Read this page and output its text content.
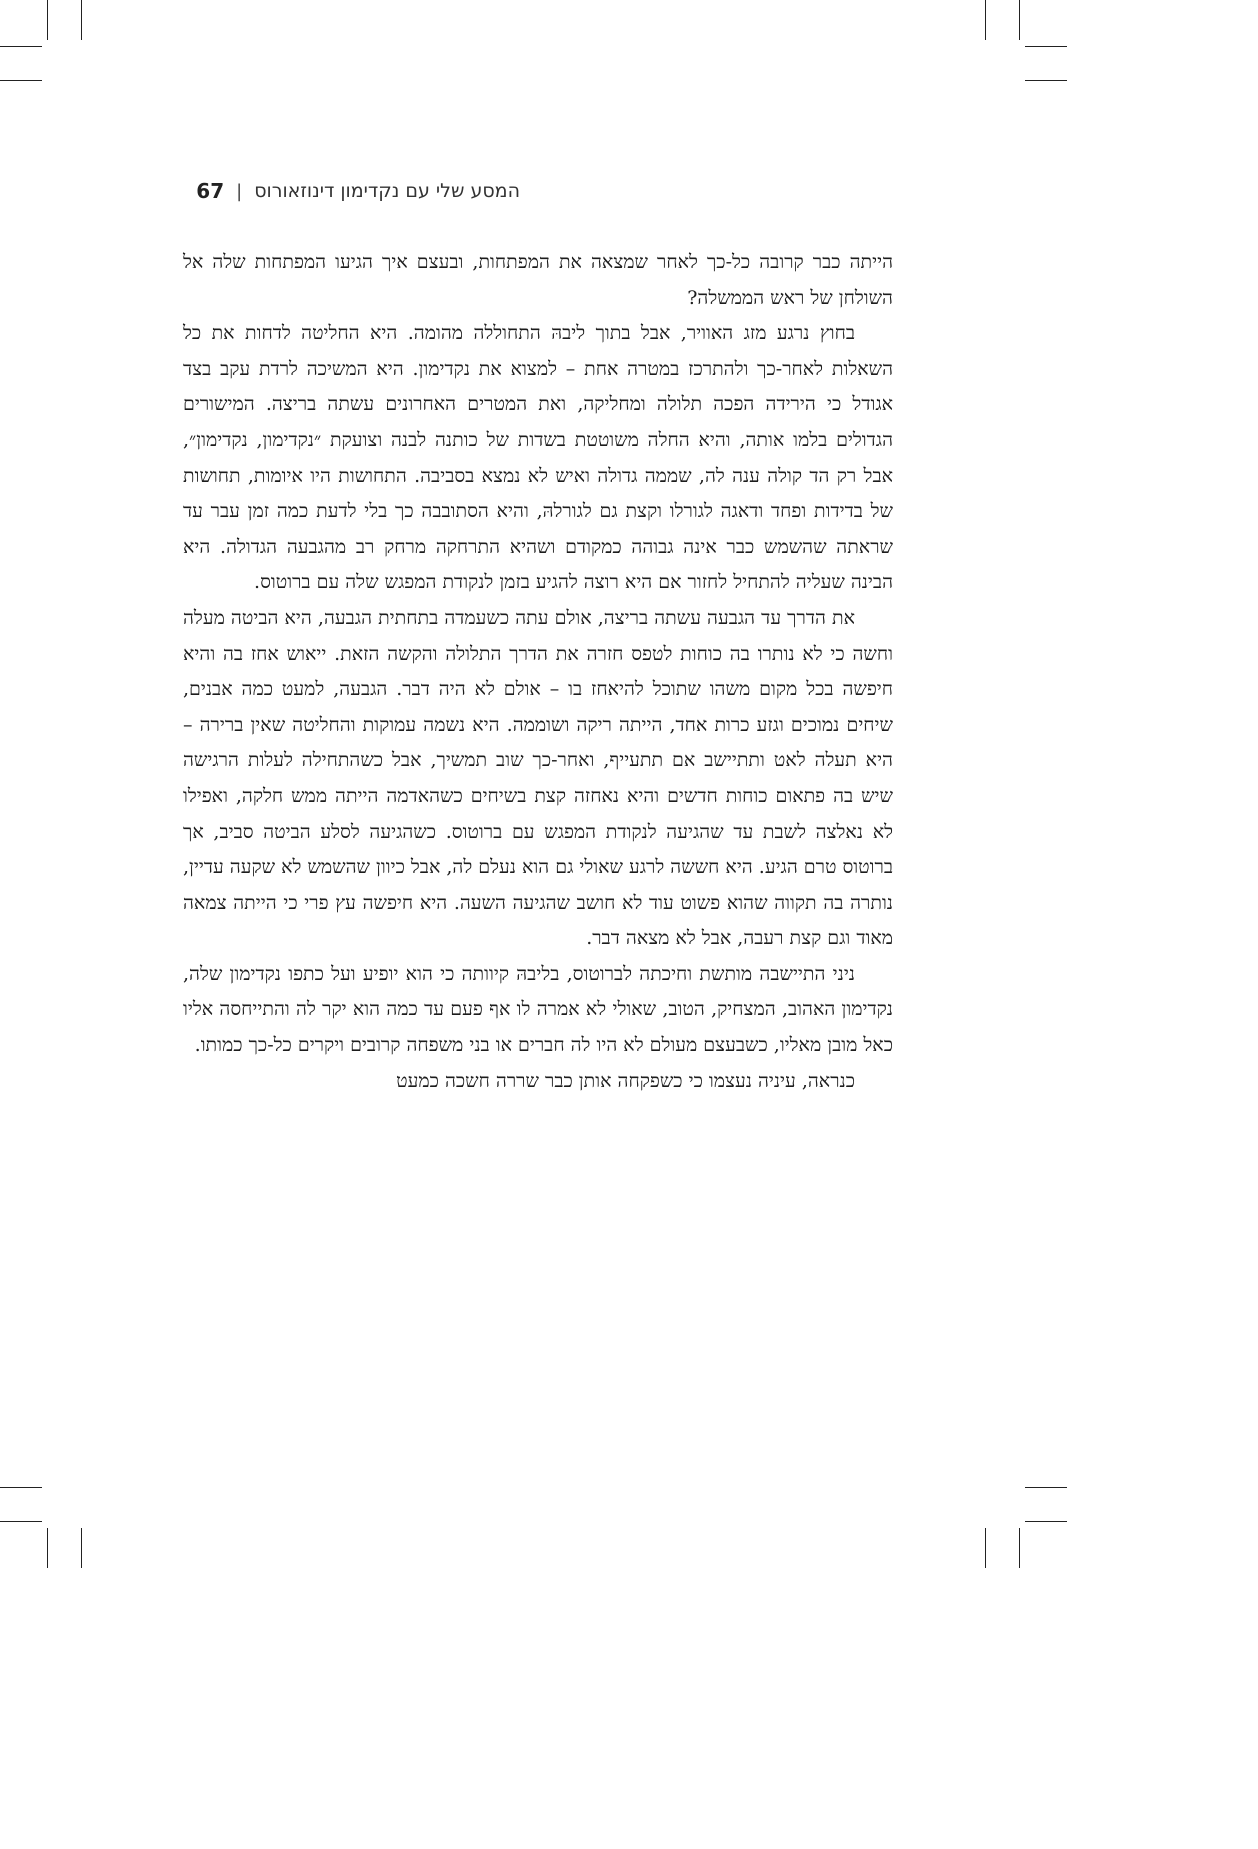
המסע שלי עם נקדימון דינוזאורוס
|
67

הייתה כבר קרובה כל-כך לאחר שמצאה את המפתחות, ובעצם איך הגיעו המפתחות שלה אל השולחן של ראש הממשלה?

בחוץ נרגע מזג האוויר, אבל בתוך ליבהּ התחוללה מהומה. היא החליטה לדחות את כל השאלות לאחר-כך ולהתרכז במטרה אחת – למצוא את נקדימון. היא המשיכה לרדת עקב בצד אגודל כי הירידה הפכה תלולה ומחליקה, ואת המטרים האחרונים עשתה בריצה. המישורים הגדולים בלמו אותה, והיא החלה משוטטת בשדות של כותנה לבנה וצועקת ״נקדימון, נקדימון״, אבל רק הד קולה ענה לה, שממה גדולה ואיש לא נמצא בסביבה. התחושות היו איומות, תחושות של בדידות ופחד ודאגה לגורלו וקצת גם לגורלהּ, והיא הסתובבה כך בלי לדעת כמה זמן עבר עד שראתה שהשמש כבר אינה גבוהה כמקודם ושהיא התרחקה מרחק רב מהגבעה הגדולה. היא הבינה שעליה להתחיל לחזור אם היא רוצה להגיע בזמן לנקודת המפגש שלה עם ברוטוס.

את הדרך עד הגבעה עשתה בריצה, אולם עתה כשעמדה בתחתית הגבעה, היא הביטה מעלה וחשה כי לא נותרו בה כוחות לטפס חזרה את הדרך התלולה והקשה הזאת. ייאוש אחז בה והיא חיפשה בכל מקום משהו שתוכל להיאחז בו – אולם לא היה דבר. הגבעה, למעט כמה אבנים, שיחים נמוכים וגזע כרות אחד, הייתה ריקה ושוממה. היא נשמה עמוקות והחליטה שאין ברירה – היא תעלה לאט ותתיישב אם תתעייף, ואחר-כך שוב תמשיך, אבל כשהתחילה לעלות הרגישה שיש בה פתאום כוחות חדשים והיא נאחזה קצת בשיחים כשהאדמה הייתה ממש חלקה, ואפילו לא נאלצה לשבת עד שהגיעה לנקודת המפגש עם ברוטוס. כשהגיעה לסלע הביטה סביב, אך ברוטוס טרם הגיע. היא חששה לרגע שאולי גם הוא נעלם לה, אבל כיוון שהשמש לא שקעה עדיין, נותרה בה תקווה שהוא פשוט עוד לא חושב שהגיעה השעה. היא חיפשה עץ פרי כי הייתה צמאה מאוד וגם קצת רעבה, אבל לא מצאה דבר.

ניני התיישבה מותשת וחיכתה לברוטוס, בליבהּ קיוותה כי הוא יופיע ועל כתפו נקדימון שלה, נקדימון האהוב, המצחיק, הטוב, שאולי לא אמרה לו אף פעם עד כמה הוא יקר לה והתייחסה אליו כאל מובן מאליו, כשבעצם מעולם לא היו לה חברים או בני משפחה קרובים ויקרים כל-כך כמותו.

כנראה, עיניה נעצמו כי כשפקחה אותן כבר שררה חשכה כמעט
